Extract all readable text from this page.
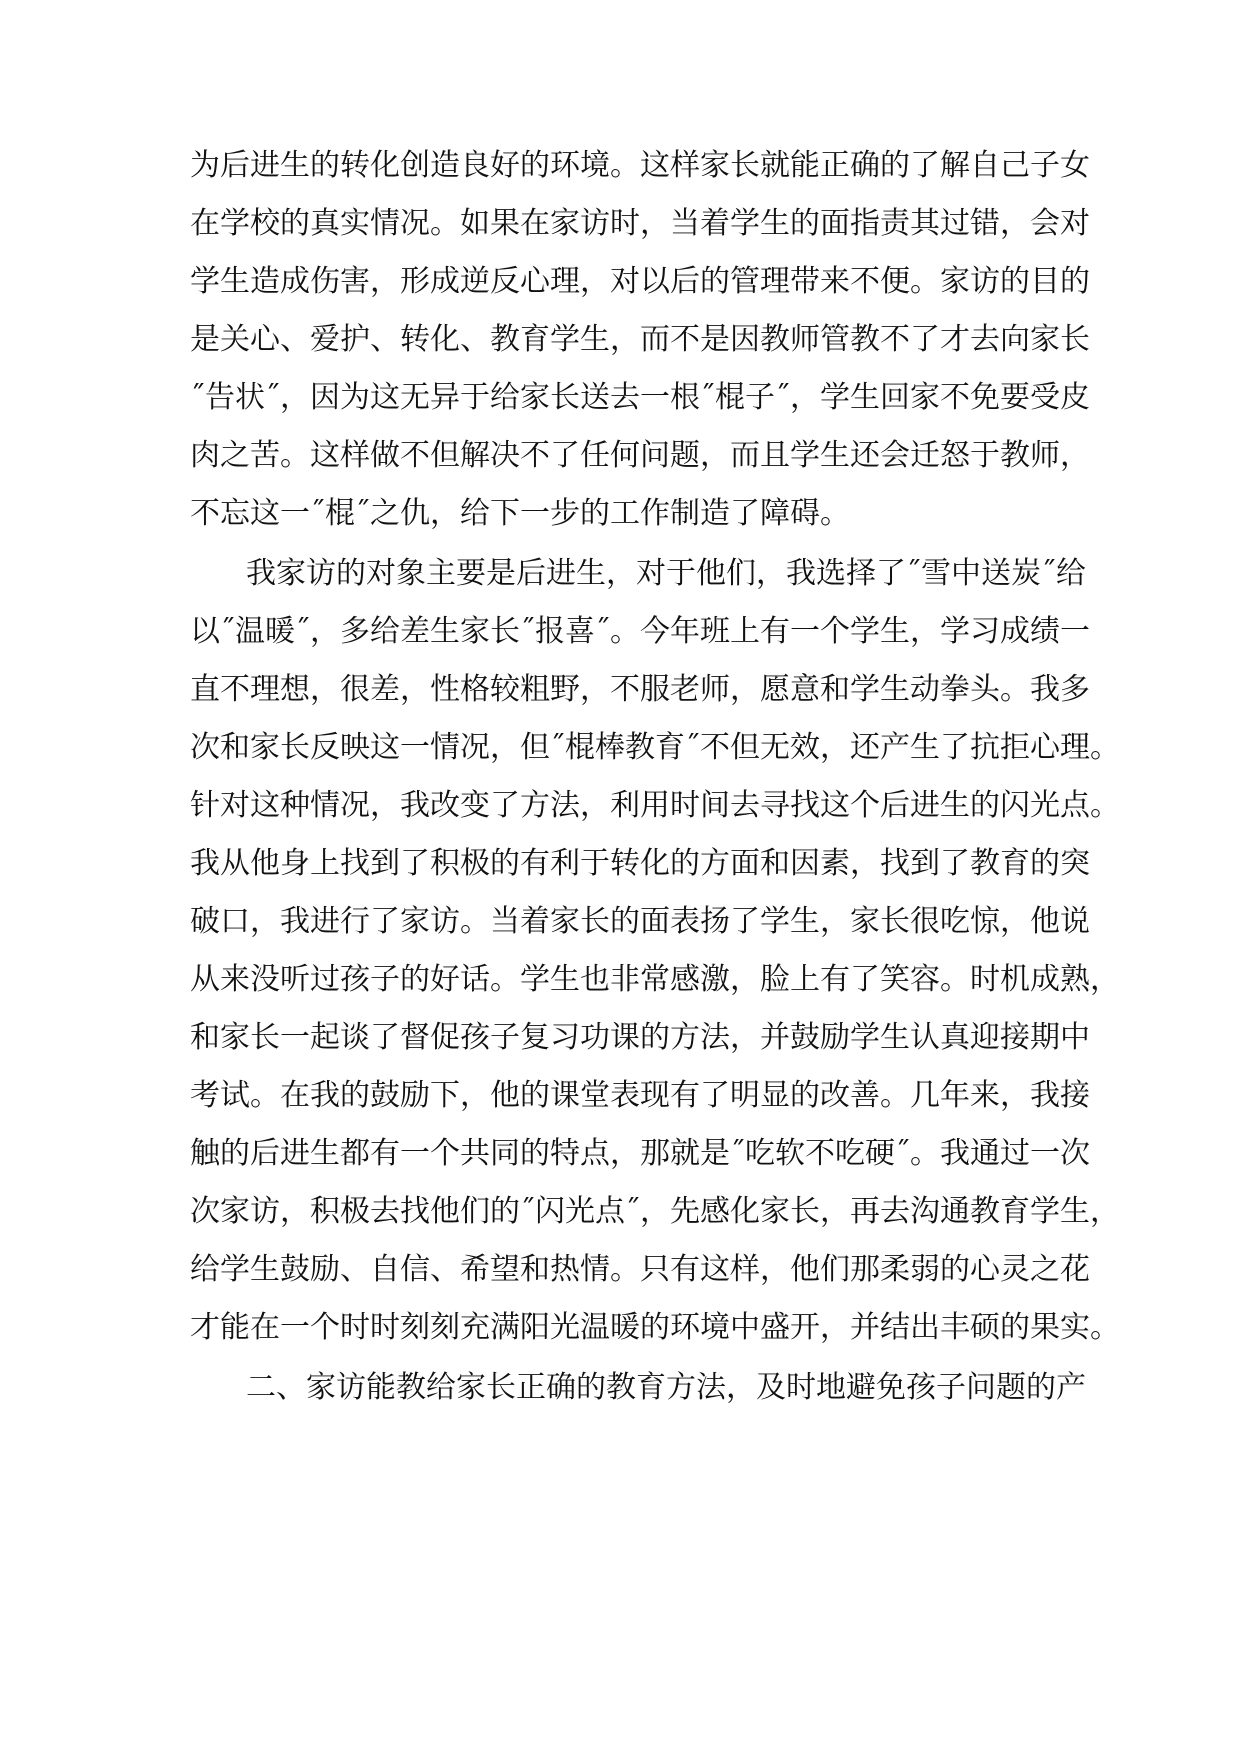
为后进生的转化创造良好的环境。这样家长就能正确的了解自己子女
在学校的真实情况。如果在家访时，当着学生的面指责其过错，会对
学生造成伤害，形成逆反心理，对以后的管理带来不便。家访的目的
是关心、爱护、转化、教育学生，而不是因教师管教不了才去向家长
˝告状˝，因为这无异于给家长送去一根˝棍子˝，学生回家不免要受皮
肉之苦。这样做不但解决不了任何问题，而且学生还会迁怒于教师，
不忘这一˝棍˝之仇，给下一步的工作制造了障碍。
我家访的对象主要是后进生，对于他们，我选择了˝雪中送炭˝给
以˝温暖˝，多给差生家长˝报喜˝。今年班上有一个学生，学习成绩一
直不理想，很差，性格较粗野，不服老师，愿意和学生动拳头。我多
次和家长反映这一情况，但˝棍棒教育˝不但无效，还产生了抗拒心理。
针对这种情况，我改变了方法，利用时间去寻找这个后进生的闪光点。
我从他身上找到了积极的有利于转化的方面和因素，找到了教育的突
破口，我进行了家访。当着家长的面表扬了学生，家长很吃惊，他说
从来没听过孩子的好话。学生也非常感激，脸上有了笑容。时机成熟，
和家长一起谈了督促孩子复习功课的方法，并鼓励学生认真迎接期中
考试。在我的鼓励下，他的课堂表现有了明显的改善。几年来，我接
触的后进生都有一个共同的特点，那就是˝吃软不吃硬˝。我通过一次
次家访，积极去找他们的˝闪光点˝，先感化家长，再去沟通教育学生，
给学生鼓励、自信、希望和热情。只有这样，他们那柔弱的心灵之花
才能在一个时时刻刻充满阳光温暖的环境中盛开，并结出丰硕的果实。
二、家访能教给家长正确的教育方法，及时地避免孩子问题的产
